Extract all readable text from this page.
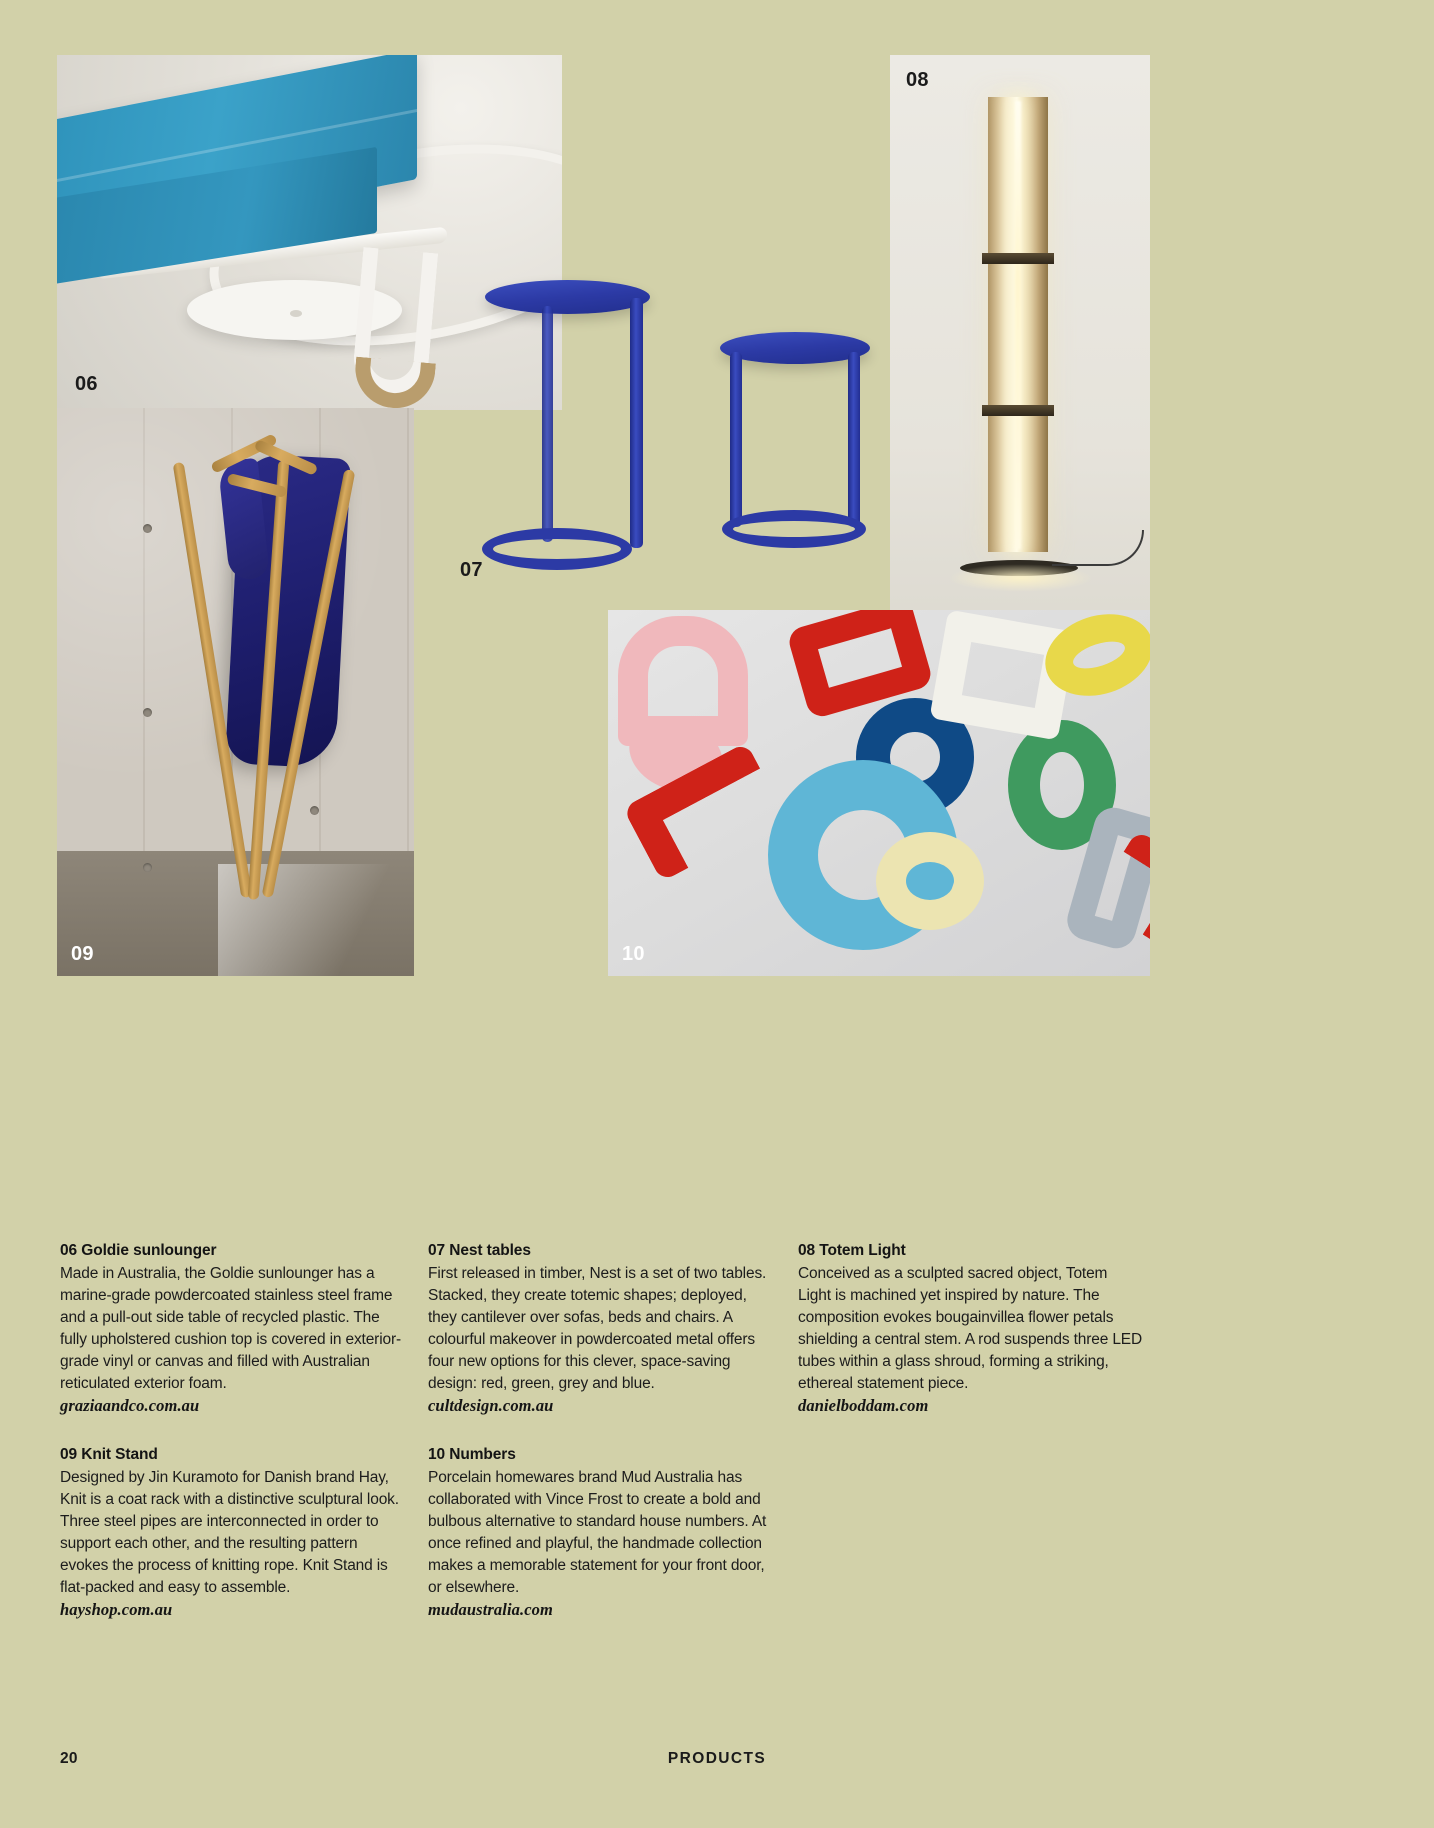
06
09
07
08
10
06 Goldie sunlounger

Made in Australia, the Goldie sunlounger has a marine-grade powdercoated stainless steel frame and a pull-out side table of recycled plastic. The fully upholstered cushion top is covered in exterior-grade vinyl or canvas and filled with Australian reticulated exterior foam.

graziaandco.com.au

09 Knit Stand

Designed by Jin Kuramoto for Danish brand Hay, Knit is a coat rack with a distinctive sculptural look. Three steel pipes are interconnected in order to support each other, and the resulting pattern evokes the process of knitting rope. Knit Stand is flat-packed and easy to assemble.

hayshop.com.au

07 Nest tables

First released in timber, Nest is a set of two tables. Stacked, they create totemic shapes; deployed, they cantilever over sofas, beds and chairs. A colourful makeover in powdercoated metal offers four new options for this clever, space-saving design: red, green, grey and blue.

cultdesign.com.au

10 Numbers

Porcelain homewares brand Mud Australia has collaborated with Vince Frost to create a bold and bulbous alternative to standard house numbers. At once refined and playful, the handmade collection makes a memorable statement for your front door, or elsewhere.

mudaustralia.com

08 Totem Light

Conceived as a sculpted sacred object, Totem Light is machined yet inspired by nature. The composition evokes bougainvillea flower petals shielding a central stem. A rod suspends three LED tubes within a glass shroud, forming a striking, ethereal statement piece.

danielboddam.com

20	PRODUCTS
